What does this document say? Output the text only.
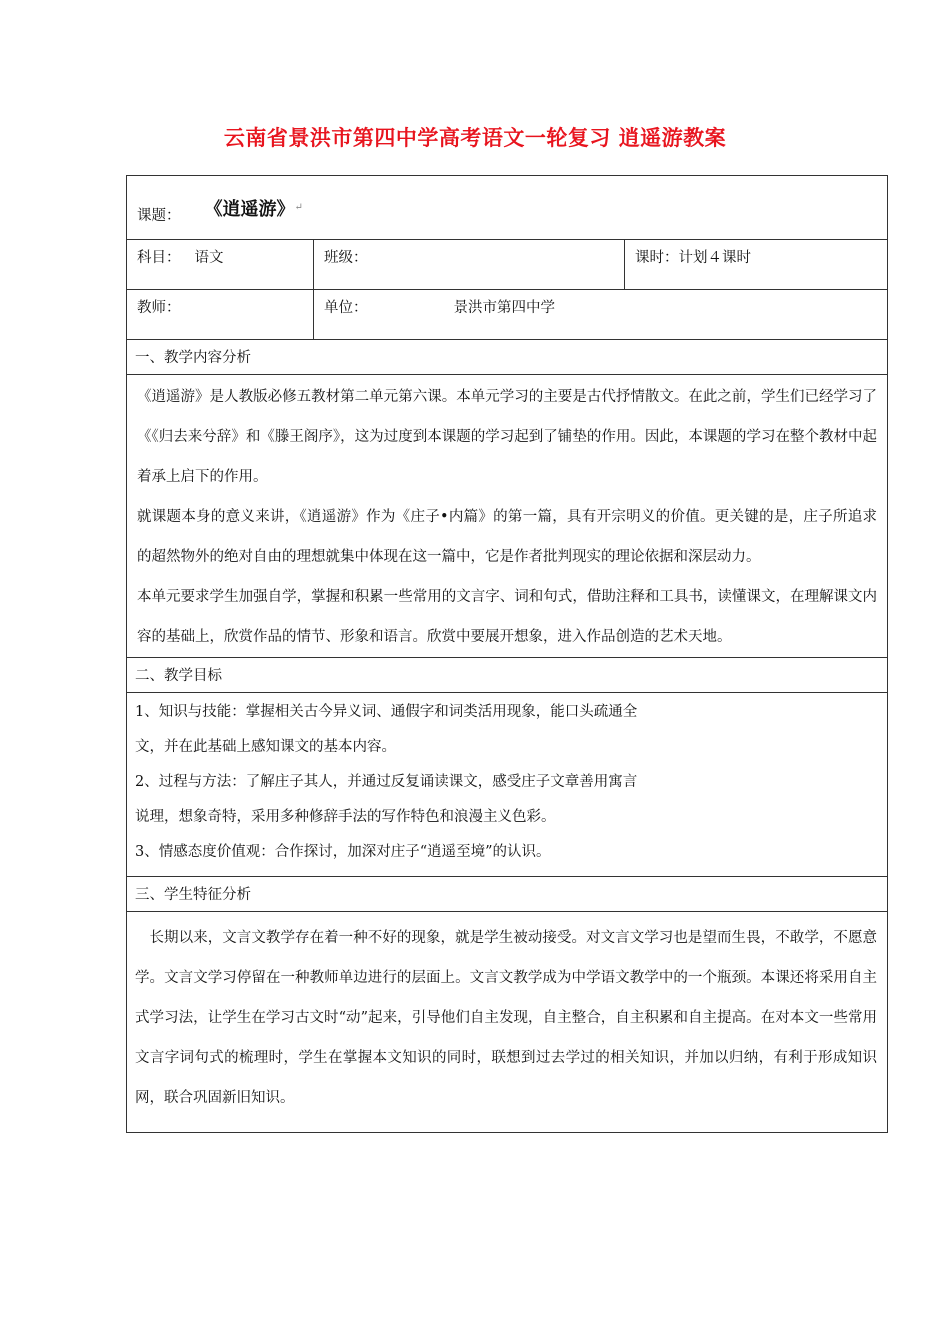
云南省景洪市第四中学高考语文一轮复习 逍遥游教案
课题： 《逍遥游》↵		
科目： 语文	班级：	课时：计划４课时
教师：	单位： 景洪市第四中学	

一、教学内容分析		

《逍遥游》是人教版必修五教材第二单元第六课。本单元学习的主要是古代抒情散文。在此之前，学生们已经学习了《《归去来兮辞》和《滕王阁序》，这为过度到本课题的学习起到了铺垫的作用。因此，本课题的学习在整个教材中起着承上启下的作用。

就课题本身的意义来讲，《逍遥游》作为《庄子•内篇》的第一篇，具有开宗明义的价值。更关键的是，庄子所追求的超然物外的绝对自由的理想就集中体现在这一篇中，它是作者批判现实的理论依据和深层动力。

本单元要求学生加强自学，掌握和积累一些常用的文言字、词和句式，借助注释和工具书，读懂课文，在理解课文内容的基础上，欣赏作品的情节、形象和语言。欣赏中要展开想象，进入作品创造的艺术天地。		

二、教学目标		

1、知识与技能：掌握相关古今异义词、通假字和词类活用现象，能口头疏通全

文，并在此基础上感知课文的基本内容。

2、过程与方法：了解庄子其人，并通过反复诵读课文，感受庄子文章善用寓言

说理，想象奇特，采用多种修辞手法的写作特色和浪漫主义色彩。

3、情感态度价值观：合作探讨，加深对庄子“逍遥至境”的认识。		

三、学生特征分析		

长期以来，文言文教学存在着一种不好的现象，就是学生被动接受。对文言文学习也是望而生畏，不敢学，不愿意学。文言文学习停留在一种教师单边进行的层面上。文言文教学成为中学语文教学中的一个瓶颈。本课还将采用自主式学习法，让学生在学习古文时“动”起来，引导他们自主发现，自主整合，自主积累和自主提高。在对本文一些常用文言字词句式的梳理时，学生在掌握本文知识的同时，联想到过去学过的相关知识，并加以归纳，有利于形成知识网，联合巩固新旧知识。		
